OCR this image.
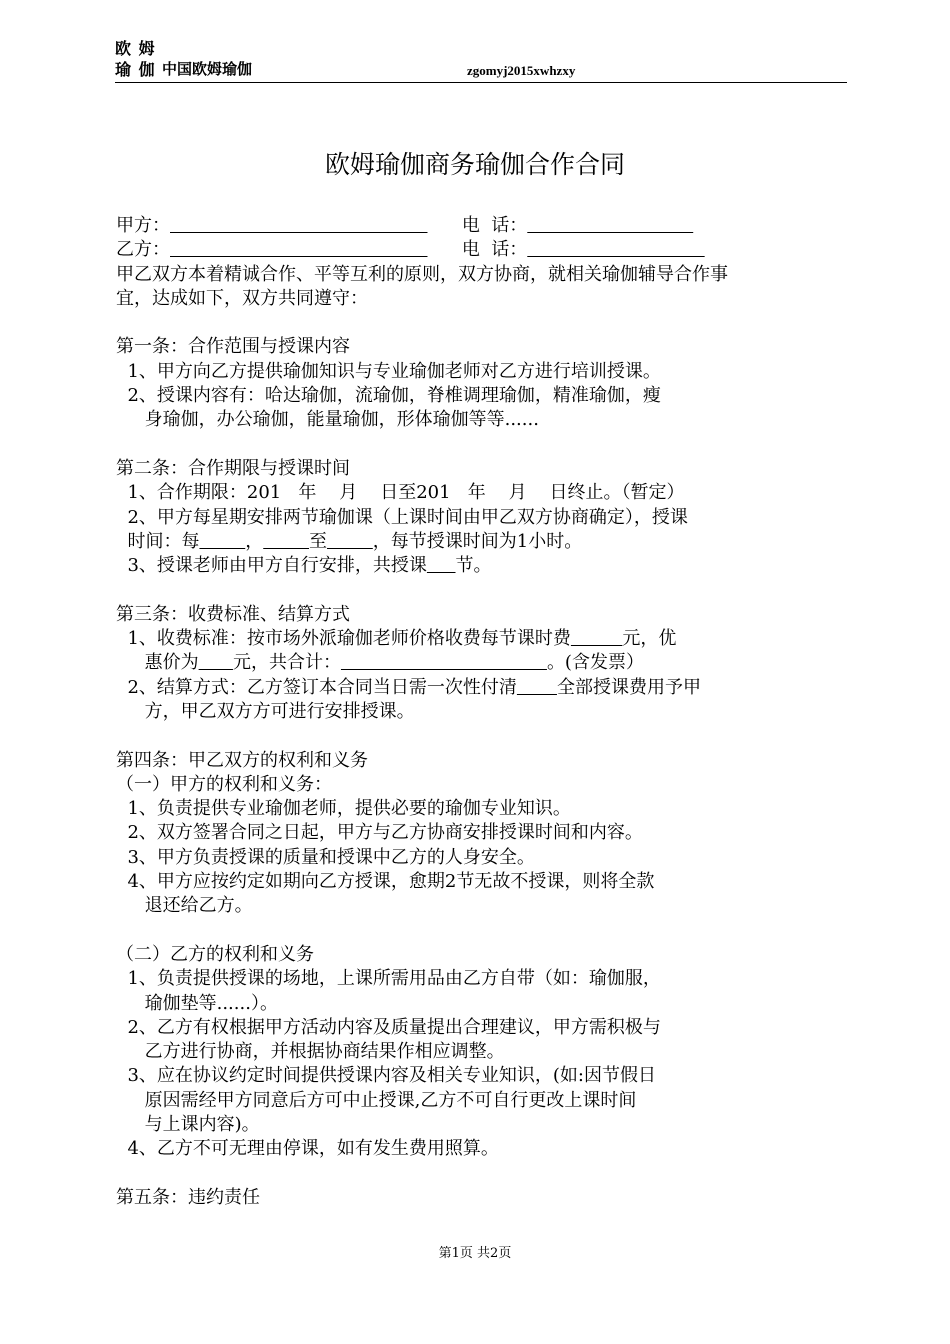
欧 姆
瑜 伽 中国欧姆瑜伽	zgomyj2015xwhzxy
欧姆瑜伽商务瑜伽合作合同

甲方：	电  话：

乙方：	电  话：

甲乙双方本着精诚合作、平等互利的原则，双方协商，就相关瑜伽辅导合作事

宜，达成如下，双方共同遵守：

第一条：合作范围与授课内容

1、甲方向乙方提供瑜伽知识与专业瑜伽老师对乙方进行培训授课。

2、授课内容有：哈达瑜伽，流瑜伽，脊椎调理瑜伽，精准瑜伽，瘦

身瑜伽，办公瑜伽，能量瑜伽，形体瑜伽等等......

第二条：合作期限与授课时间

1、合作期限：201   年    月    日至201   年    月    日终止。（暂定）

2、甲方每星期安排两节瑜伽课（上课时间由甲乙双方协商确定），授课

时间：每	，	至	，每节授课时间为1小时。

3、授课老师由甲方自行安排，共授课 节。

第三条：收费标准、结算方式

1、收费标准：按市场外派瑜伽老师价格收费每节课时费	元，优

惠价为 元，共合计：	。(含发票）

2、结算方式：乙方签订本合同当日需一次性付清 全部授课费用予甲

方，甲乙双方方可进行安排授课。

第四条：甲乙双方的权利和义务

（一）甲方的权利和义务：

1、负责提供专业瑜伽老师，提供必要的瑜伽专业知识。

2、双方签署合同之日起，甲方与乙方协商安排授课时间和内容。

3、甲方负责授课的质量和授课中乙方的人身安全。

4、甲方应按约定如期向乙方授课，愈期2节无故不授课，则将全款

退还给乙方。

（二）乙方的权利和义务

1、负责提供授课的场地，上课所需用品由乙方自带（如：瑜伽服，

瑜伽垫等......）。

2、乙方有权根据甲方活动内容及质量提出合理建议，甲方需积极与

乙方进行协商，并根据协商结果作相应调整。

3、应在协议约定时间提供授课内容及相关专业知识，(如:因节假日

原因需经甲方同意后方可中止授课,乙方不可自行更改上课时间

与上课内容)。

4、乙方不可无理由停课，如有发生费用照算。

第五条：违约责任

第1页 共2页
